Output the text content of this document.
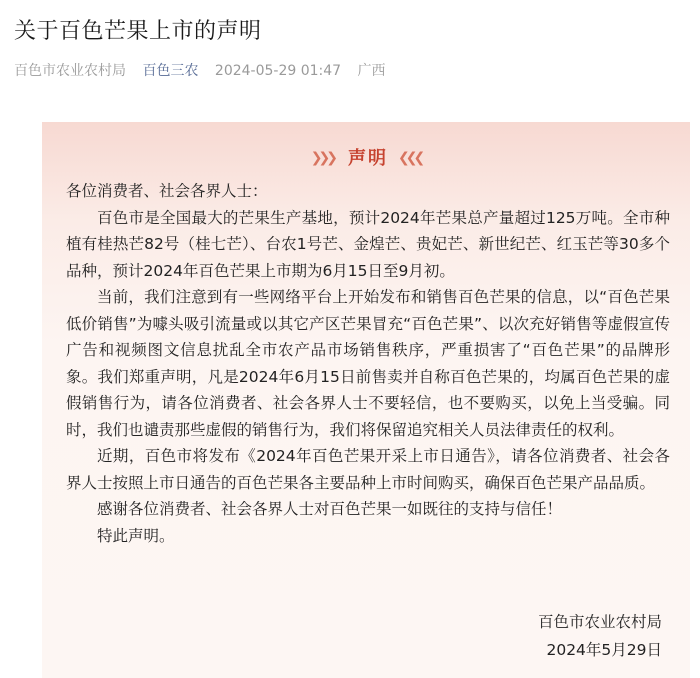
关于百色芒果上市的声明
百色市农业农村局 百色三农 2024-05-29 01:47 广西
❯❯❯ 声明 ❮❮❮

各位消费者、社会各界人士：

百色市是全国最大的芒果生产基地，预计2024年芒果总产量超过125万吨。全市种植有桂热芒82号（桂七芒）、台农1号芒、金煌芒、贵妃芒、新世纪芒、红玉芒等30多个品种，预计2024年百色芒果上市期为6月15日至9月初。

当前，我们注意到有一些网络平台上开始发布和销售百色芒果的信息，以“百色芒果低价销售”为噱头吸引流量或以其它产区芒果冒充“百色芒果”、以次充好销售等虚假宣传广告和视频图文信息扰乱全市农产品市场销售秩序，严重损害了“百色芒果”的品牌形象。我们郑重声明，凡是2024年6月15日前售卖并自称百色芒果的，均属百色芒果的虚假销售行为，请各位消费者、社会各界人士不要轻信，也不要购买，以免上当受骗。同时，我们也谴责那些虚假的销售行为，我们将保留追究相关人员法律责任的权利。

近期，百色市将发布《2024年百色芒果开采上市日通告》，请各位消费者、社会各界人士按照上市日通告的百色芒果各主要品种上市时间购买，确保百色芒果产品品质。

感谢各位消费者、社会各界人士对百色芒果一如既往的支持与信任！

特此声明。

百色市农业农村局
2024年5月29日
